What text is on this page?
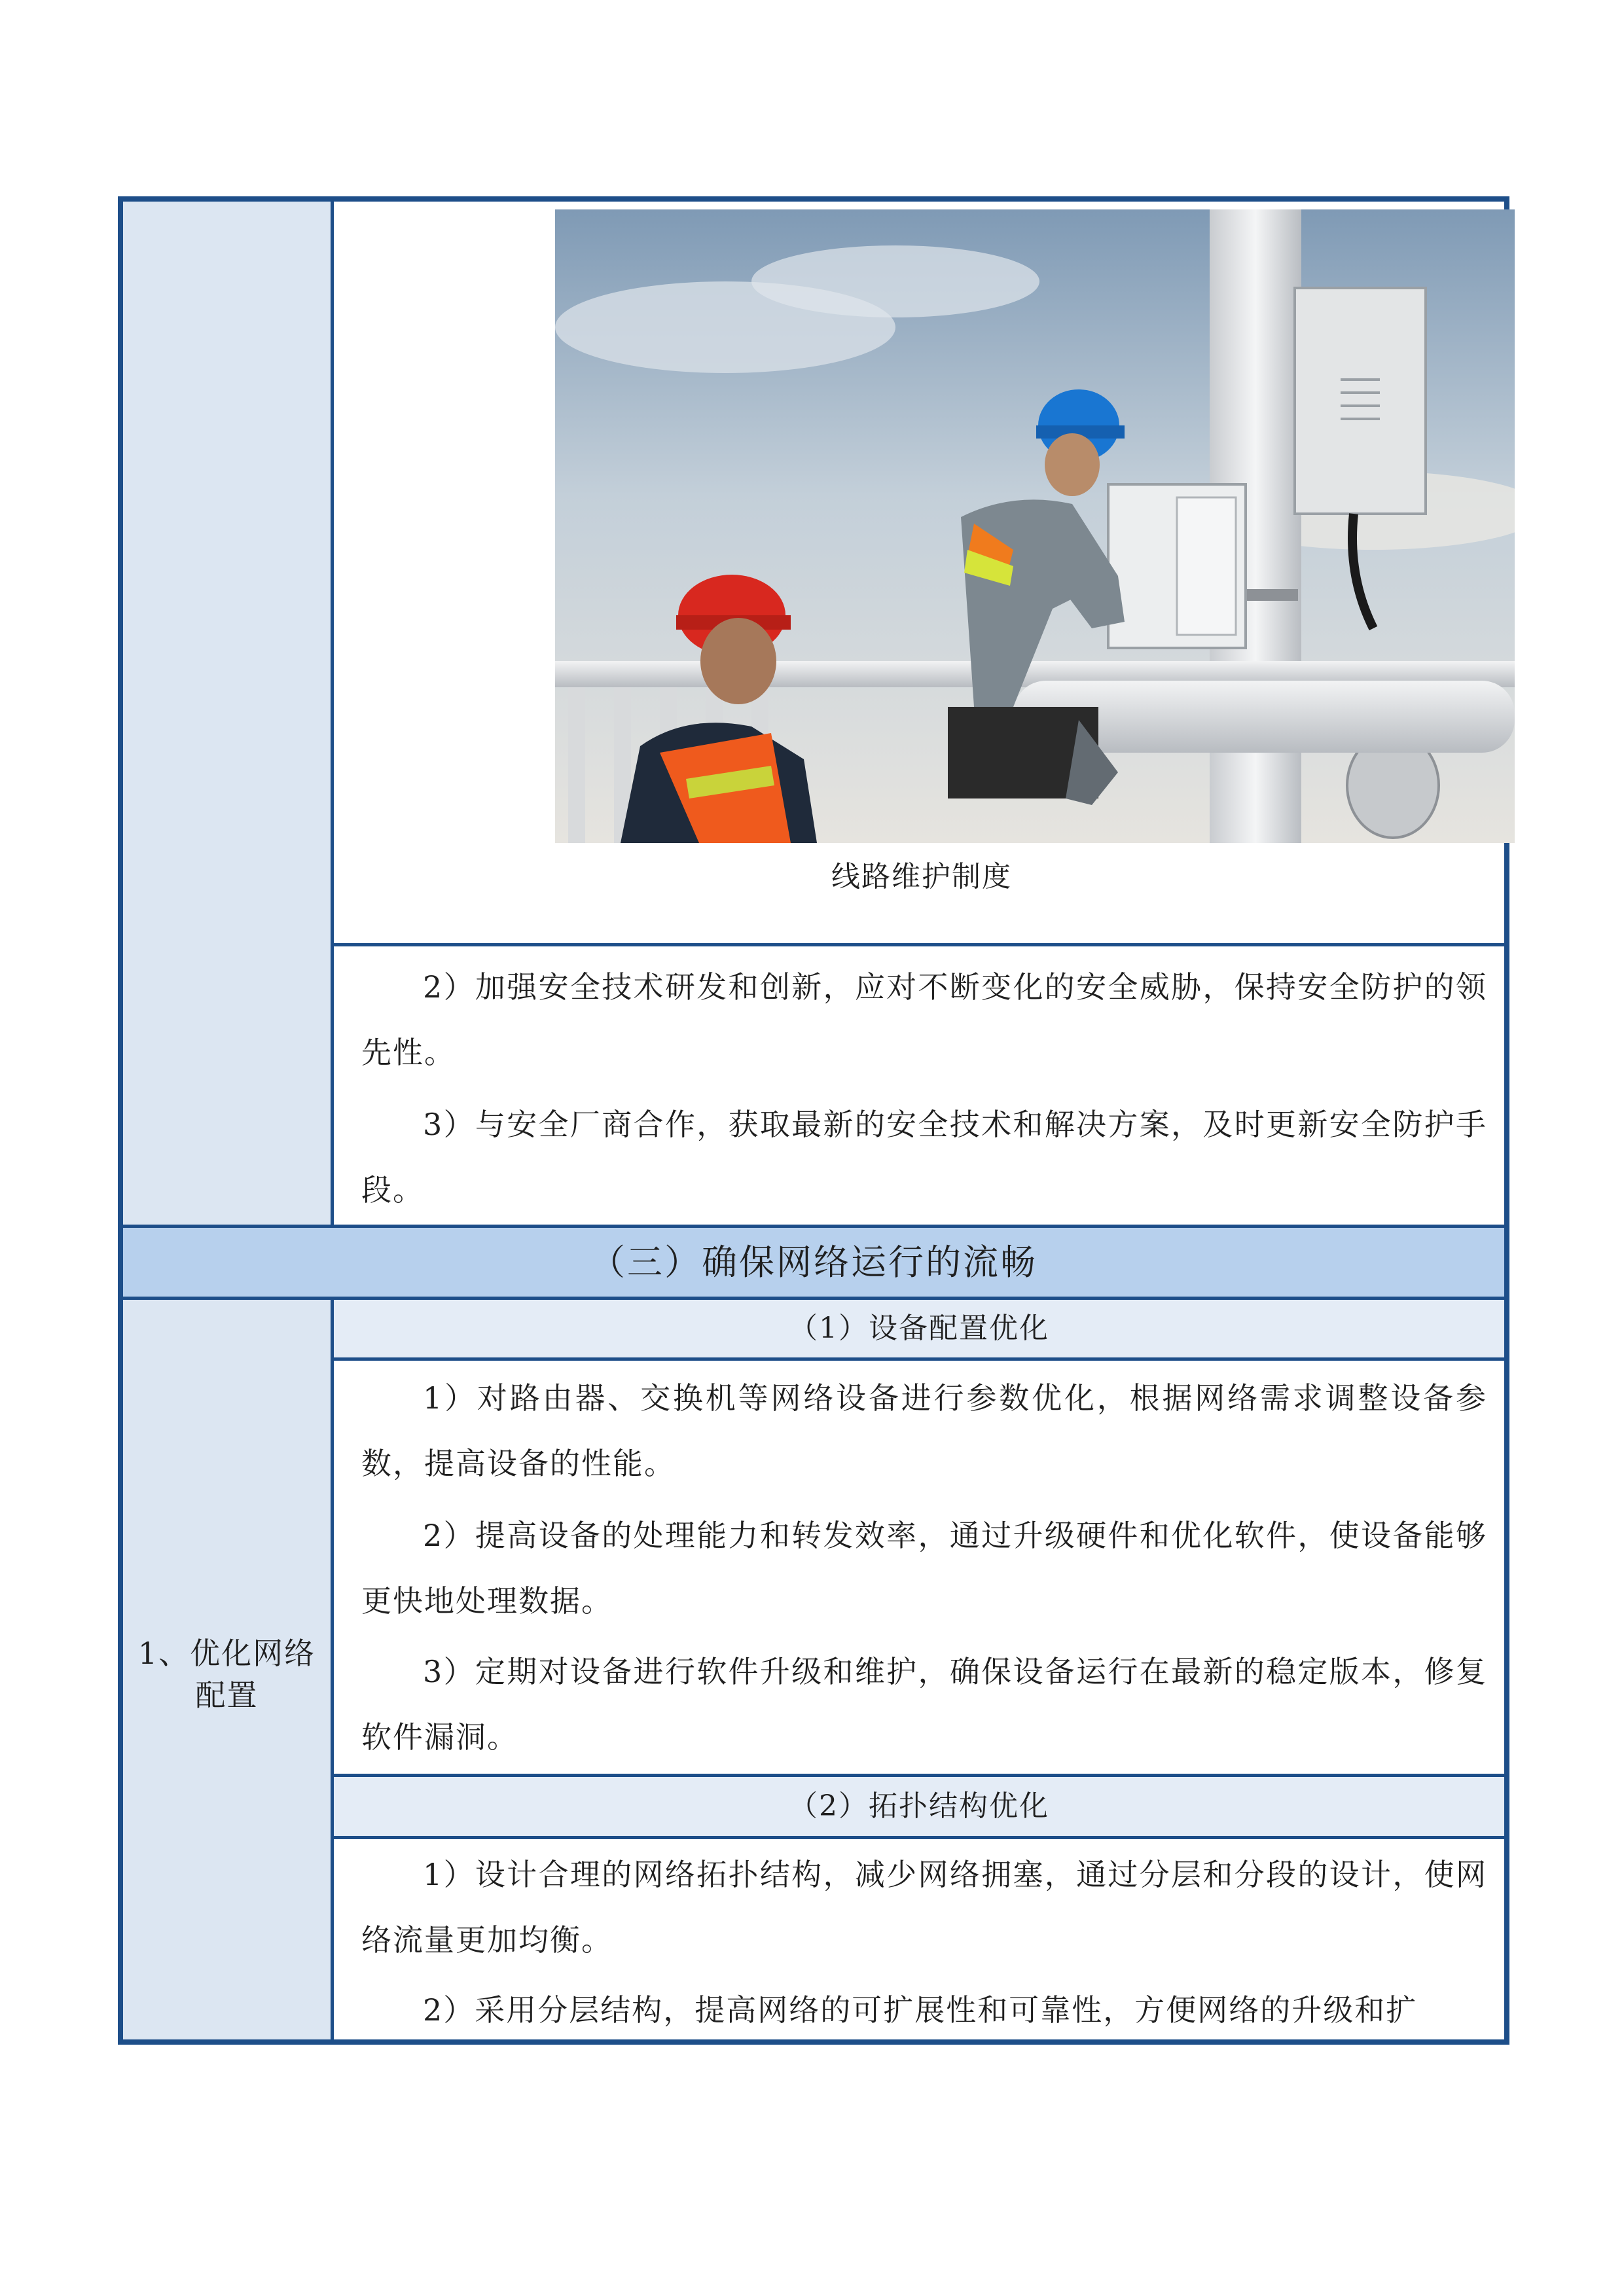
线路维护制度

2）加强安全技术研发和创新，应对不断变化的安全威胁，保持安全防护的领先性。

3）与安全厂商合作，获取最新的安全技术和解决方案，及时更新安全防护手段。

（三）确保网络运行的流畅
1、优化网络配置
（1）设备配置优化

1）对路由器、交换机等网络设备进行参数优化，根据网络需求调整设备参数，提高设备的性能。

2）提高设备的处理能力和转发效率，通过升级硬件和优化软件，使设备能够更快地处理数据。

3）定期对设备进行软件升级和维护，确保设备运行在最新的稳定版本，修复软件漏洞。

（2）拓扑结构优化

1）设计合理的网络拓扑结构，减少网络拥塞，通过分层和分段的设计，使网络流量更加均衡。

2）采用分层结构，提高网络的可扩展性和可靠性，方便网络的升级和扩
